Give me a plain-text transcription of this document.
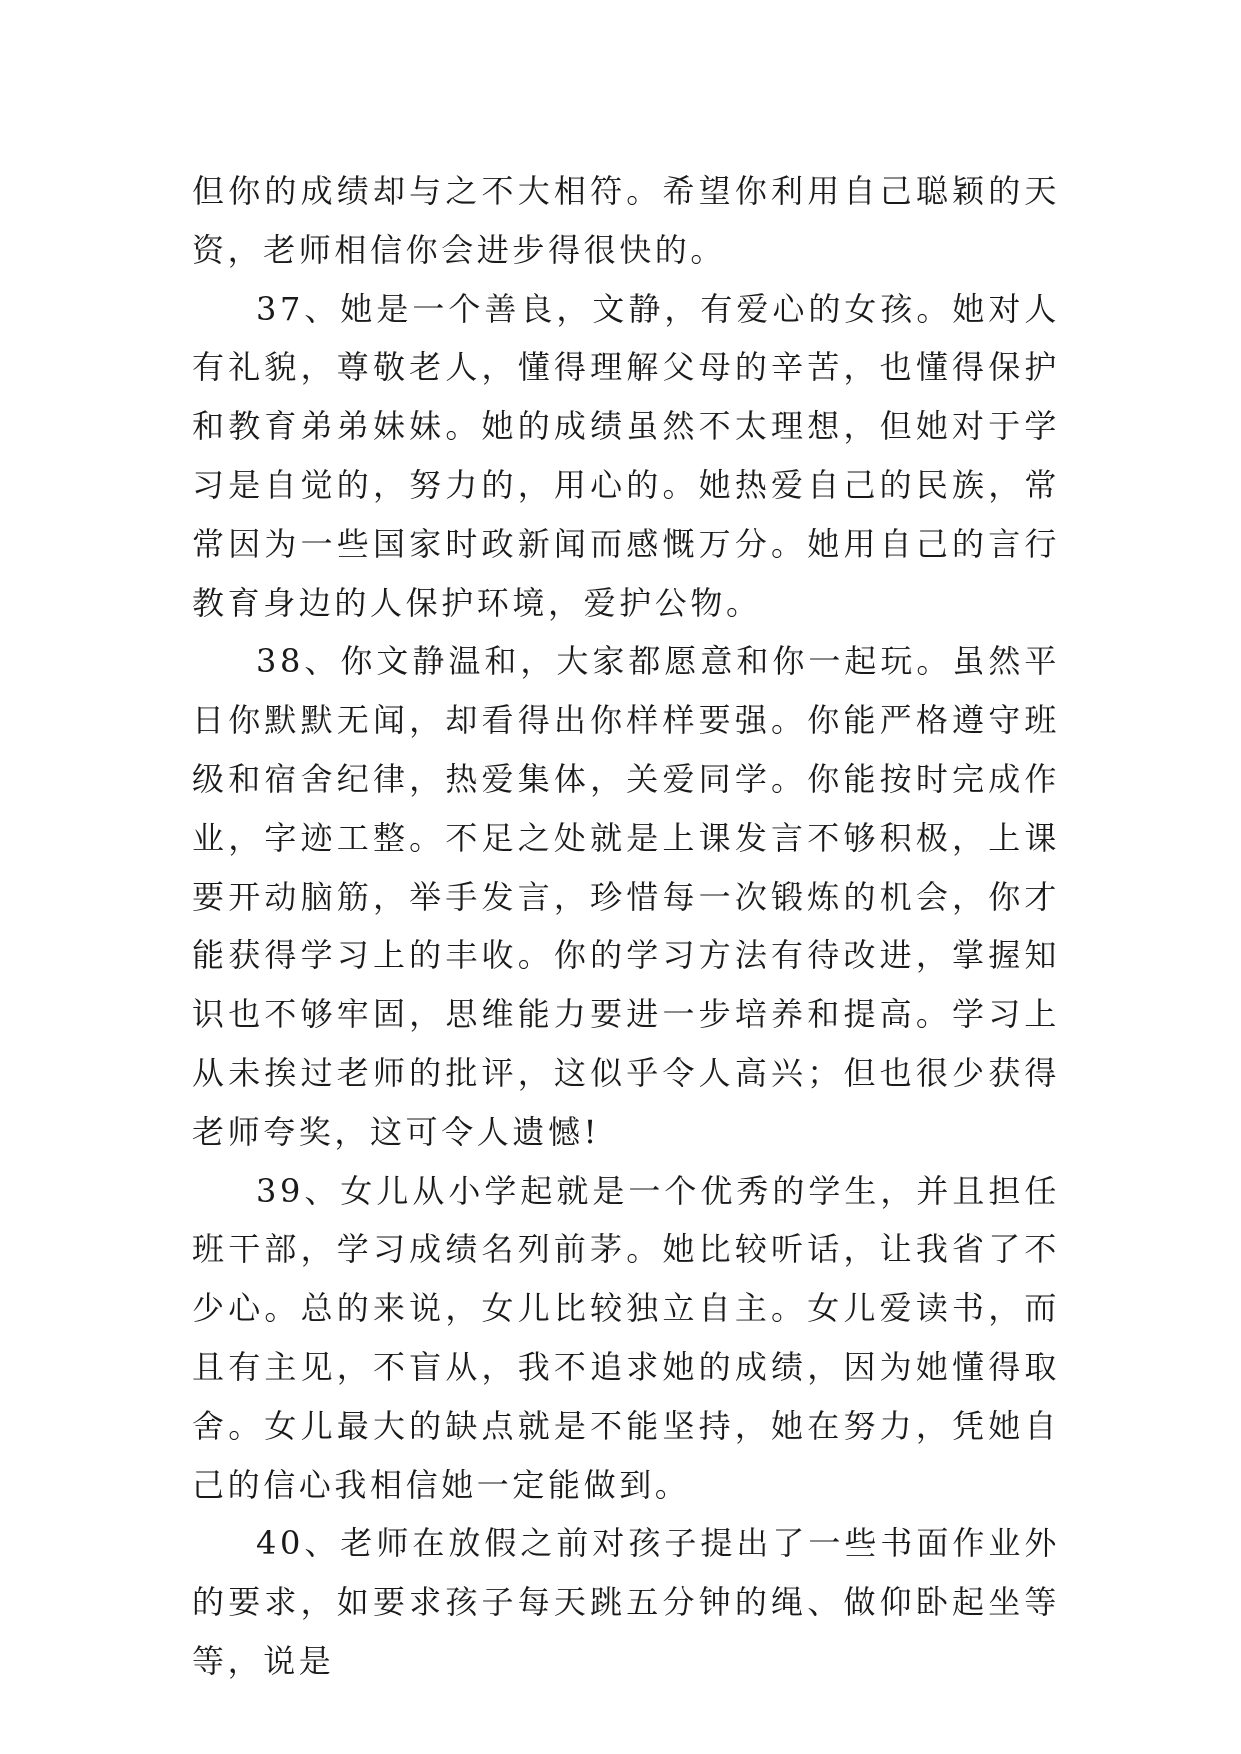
但你的成绩却与之不大相符。希望你利用自己聪颖的天资，老师相信你会进步得很快的。

37、她是一个善良，文静，有爱心的女孩。她对人有礼貌，尊敬老人，懂得理解父母的辛苦，也懂得保护和教育弟弟妹妹。她的成绩虽然不太理想，但她对于学习是自觉的，努力的，用心的。她热爱自己的民族，常常因为一些国家时政新闻而感慨万分。她用自己的言行教育身边的人保护环境，爱护公物。

38、你文静温和，大家都愿意和你一起玩。虽然平日你默默无闻，却看得出你样样要强。你能严格遵守班级和宿舍纪律，热爱集体，关爱同学。你能按时完成作业，字迹工整。不足之处就是上课发言不够积极，上课要开动脑筋，举手发言，珍惜每一次锻炼的机会，你才能获得学习上的丰收。你的学习方法有待改进，掌握知识也不够牢固，思维能力要进一步培养和提高。学习上从未挨过老师的批评，这似乎令人高兴；但也很少获得老师夸奖，这可令人遗憾!

39、女儿从小学起就是一个优秀的学生，并且担任班干部，学习成绩名列前茅。她比较听话，让我省了不少心。总的来说，女儿比较独立自主。女儿爱读书，而且有主见，不盲从，我不追求她的成绩，因为她懂得取舍。女儿最大的缺点就是不能坚持，她在努力，凭她自己的信心我相信她一定能做到。

40、老师在放假之前对孩子提出了一些书面作业外的要求，如要求孩子每天跳五分钟的绳、做仰卧起坐等等，说是
